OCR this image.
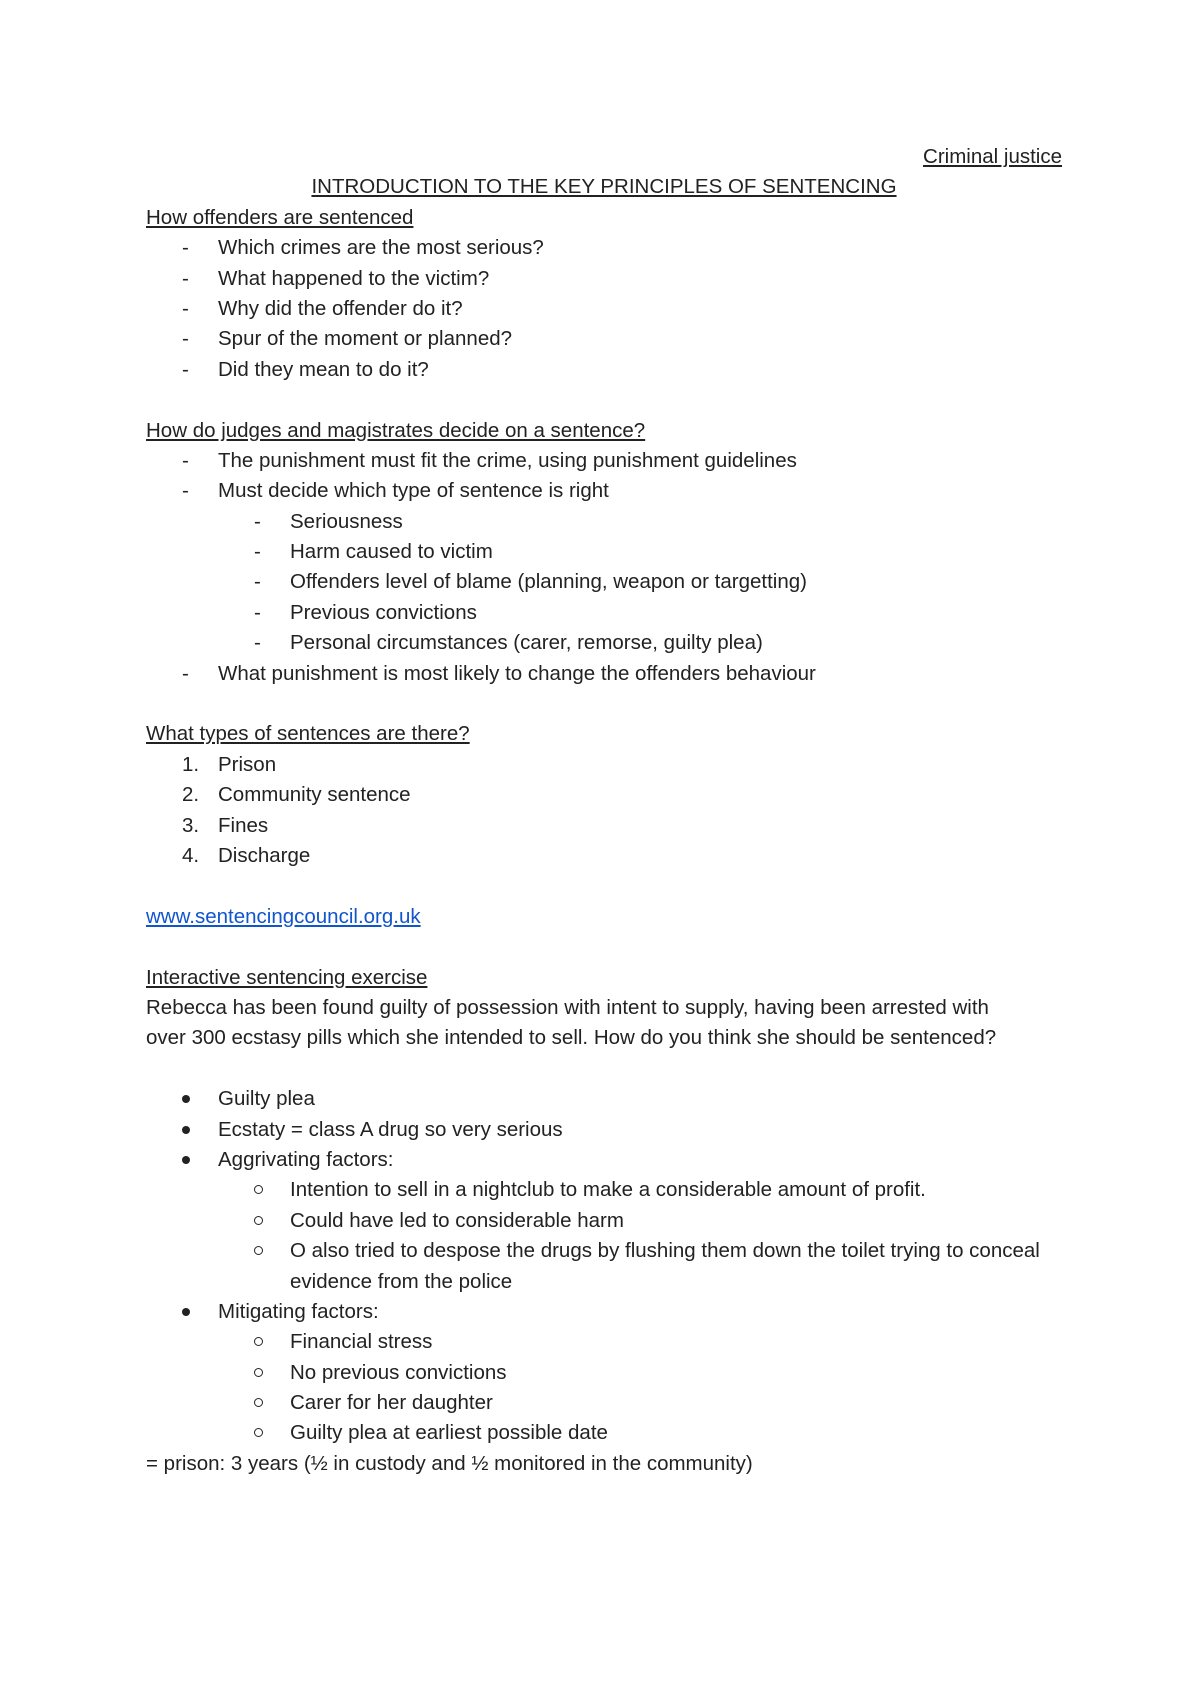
Criminal justice
INTRODUCTION TO THE KEY PRINCIPLES OF SENTENCING
How offenders are sentenced
- Which crimes are the most serious?
- What happened to the victim?
- Why did the offender do it?
- Spur of the moment or planned?
- Did they mean to do it?
How do judges and magistrates decide on a sentence?
- The punishment must fit the crime, using punishment guidelines
- Must decide which type of sentence is right
- Seriousness
- Harm caused to victim
- Offenders level of blame (planning, weapon or targetting)
- Previous convictions
- Personal circumstances (carer, remorse, guilty plea)
- What punishment is most likely to change the offenders behaviour
What types of sentences are there?
1. Prison
2. Community sentence
3. Fines
4. Discharge
www.sentencingcouncil.org.uk
Interactive sentencing exercise
Rebecca has been found guilty of possession with intent to supply, having been arrested with over 300 ecstasy pills which she intended to sell. How do you think she should be sentenced?
Guilty plea
Ecstaty = class A drug so very serious
Aggrivating factors:
Intention to sell in a nightclub to make a considerable amount of profit.
Could have led to considerable harm
O also tried to despose the drugs by flushing them down the toilet trying to conceal evidence from the police
Mitigating factors:
Financial stress
No previous convictions
Carer for her daughter
Guilty plea at earliest possible date
= prison: 3 years (½ in custody and ½ monitored in the community)
